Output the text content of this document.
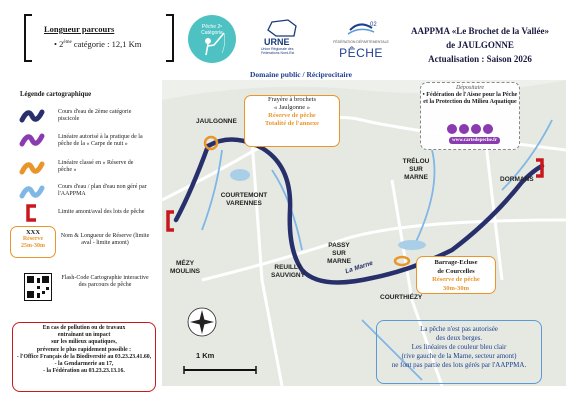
Longueur parcours
• 2ème catégorie : 12,1 Km
Pêche 2ᵉ Catégorie
URNE
Union Régionale des Fédérations Nord-Est
02
FÉDÉRATION DÉPARTEMENTALE
PÊCHE
AAPPMA «Le Brochet de la Vallée»
de JAULGONNE
Actualisation : Saison 2026
Domaine public / Réciprocitaire
Légende cartographique
Cours d'eau de 2ème catégorie piscicole
Linéaire autorisé à la pratique de la pêche de la « Carpe de nuit »
Linéaire classé en « Réserve de pêche »
Cours d'eau / plan d'eau non géré par l'AAPPMA
Limite amont/aval des lots de pêche
XXX
Réserve
25m-30m
Nom & Longueur de Réserve (limite aval - limite amont)
Flash-Code Cartographie interactive des parcours de pêche
En cas de pollution ou de travaux
entraînant un impact
sur les milieux aquatiques,
prévenez le plus rapidement possible :
- l'Office Français de la Biodiversité au 03.23.23.41.60,
- la Gendarmerie au 17,
- la Fédération au 03.23.23.13.16.
1 Km
JAULGONNE
COURTEMONT VARENNES
MÉZY MOULINS
REUILLY SAUVIGNY
PASSY SUR MARNE
TRÉLOU SUR MARNE	DORMANS
COURTHIÉZY
La Marne
Frayère à brochets
« Jaulgonne »
Réserve de pêche
Totalité de l'annexe
Barrage-Ecluse
de Courcelles
Réserve de pêche
30m-30m
Dépositaire
• Fédération de l'Aisne pour la Pêche et la Protection du Milieu Aquatique
www.cartedepeche.fr
La pêche n'est pas autorisée
des deux berges.
Les linéaires de couleur bleu clair
(rive gauche de la Marne, secteur amont)
ne font pas partie des lots gérés par l'AAPPMA.
